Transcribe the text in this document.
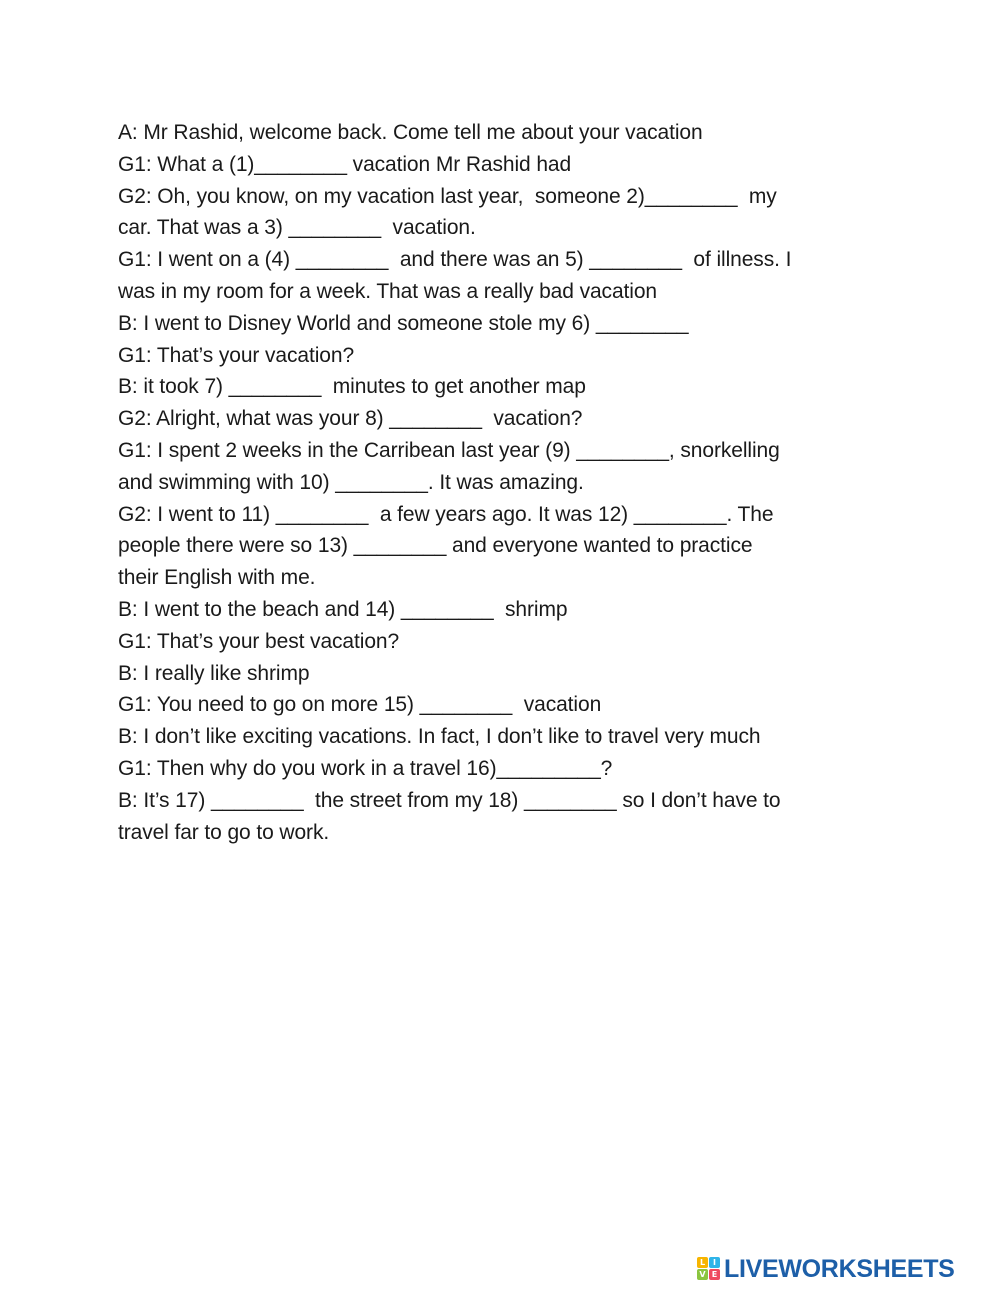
A: Mr Rashid, welcome back. Come tell me about your vacation

G1: What a (1)________ vacation Mr Rashid had

G2: Oh, you know, on my vacation last year,  someone 2)________  my

car. That was a 3) ________  vacation.

G1: I went on a (4) ________  and there was an 5) ________  of illness. I

was in my room for a week. That was a really bad vacation

B: I went to Disney World and someone stole my 6) ________

G1: That’s your vacation?

B: it took 7) ________  minutes to get another map

G2: Alright, what was your 8) ________  vacation?

G1: I spent 2 weeks in the Carribean last year (9) ________, snorkelling

and swimming with 10) ________. It was amazing.

G2: I went to 11) ________  a few years ago. It was 12) ________. The

people there were so 13) ________ and everyone wanted to practice

their English with me.

B: I went to the beach and 14) ________  shrimp

G1: That’s your best vacation?

B: I really like shrimp

G1: You need to go on more 15) ________  vacation

B: I don’t like exciting vacations. In fact, I don’t like to travel very much

G1: Then why do you work in a travel 16)_________?

B: It’s 17) ________  the street from my 18) ________ so I don’t have to

travel far to go to work.

L I
V E LIVEWORKSHEETS
